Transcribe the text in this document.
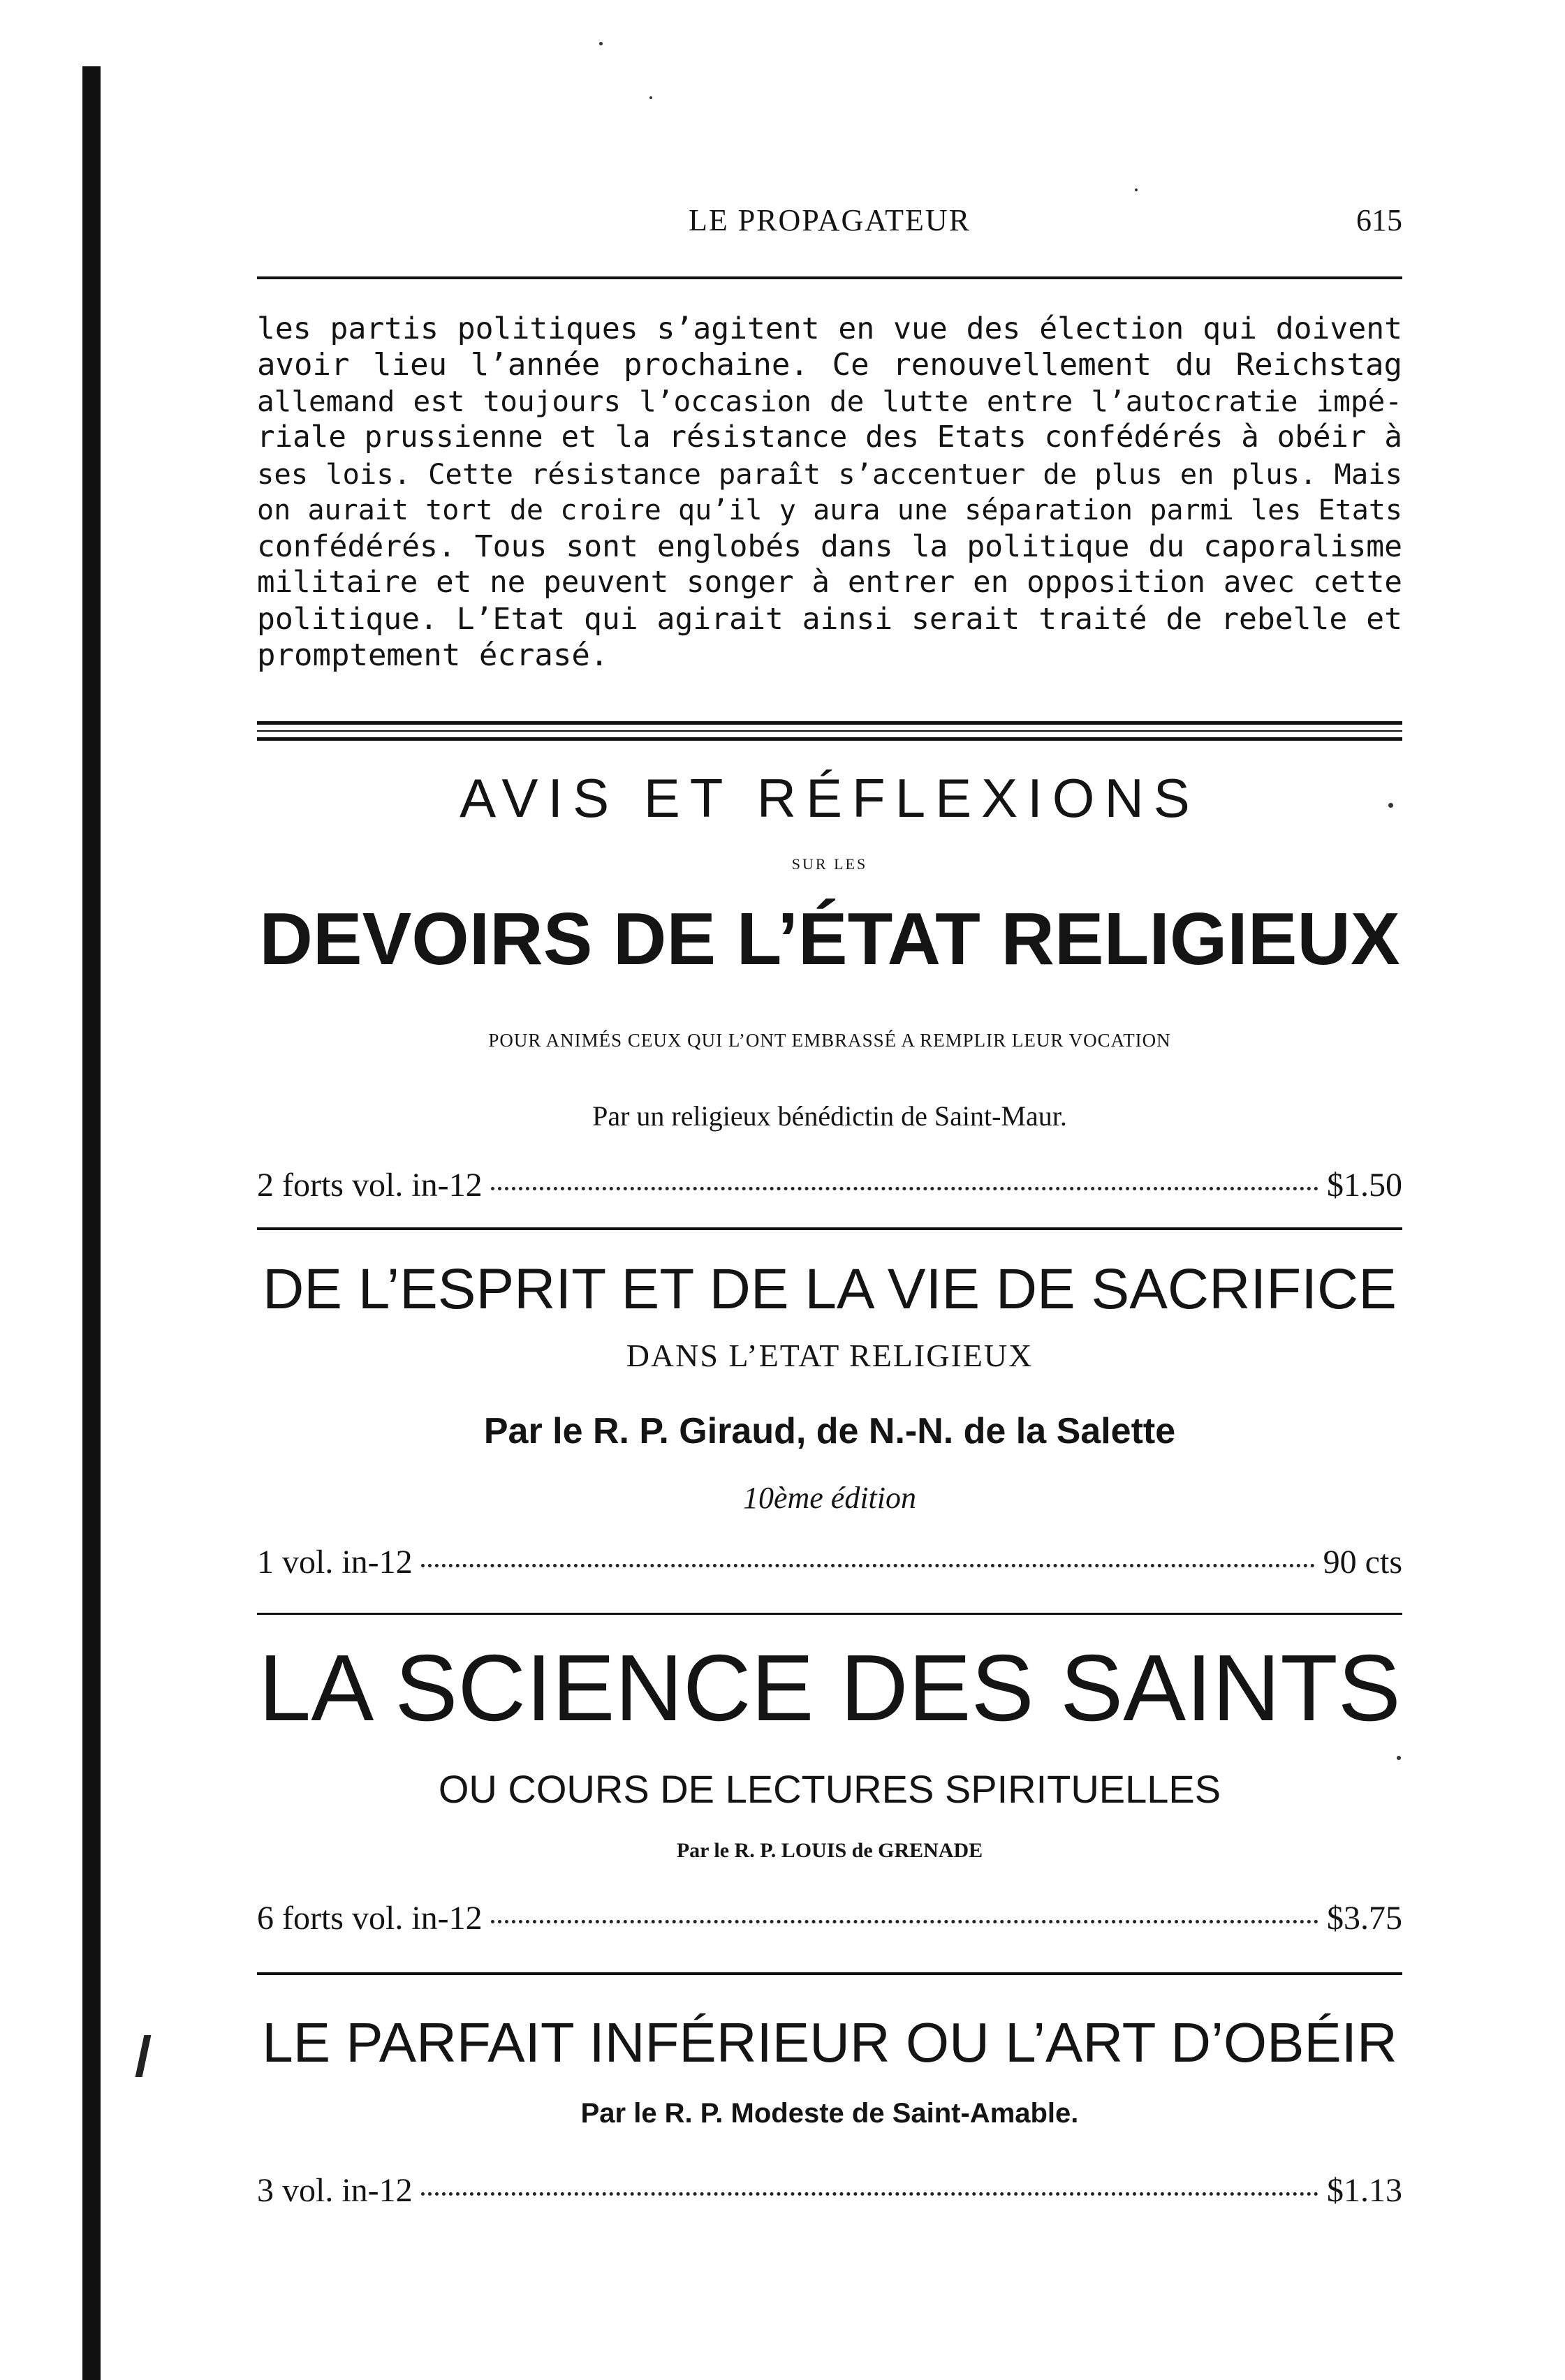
LE PROPAGATEUR	615
les partis politiques s’agitent en vue des élection qui doivent
avoir lieu l’année prochaine. Ce renouvellement du Reichstag
allemand est toujours l’occasion de lutte entre l’autocratie impé-
riale prussienne et la résistance des Etats confédérés à obéir à
ses lois. Cette résistance paraît s’accentuer de plus en plus. Mais
on aurait tort de croire qu’il y aura une séparation parmi les Etats
confédérés. Tous sont englobés dans la politique du caporalisme
militaire et ne peuvent songer à entrer en opposition avec cette
politique. L’Etat qui agirait ainsi serait traité de rebelle et
promptement écrasé.
AVIS ET RÉFLEXIONS
SUR LES
DEVOIRS DE L’ÉTAT RELIGIEUX
POUR ANIMÉS CEUX QUI L’ONT EMBRASSÉ A REMPLIR LEUR VOCATION
Par un religieux bénédictin de Saint-Maur.
2 forts vol. in-12	$1.50
DE L’ESPRIT ET DE LA VIE DE SACRIFICE
DANS L’ETAT RELIGIEUX
Par le R. P. Giraud, de N.-N. de la Salette
10ème édition
1 vol. in-12	90 cts
LA SCIENCE DES SAINTS
OU COURS DE LECTURES SPIRITUELLES
Par le R. P. LOUIS de GRENADE
6 forts vol. in-12	$3.75
LE PARFAIT INFÉRIEUR OU L’ART D’OBÉIR
Par le R. P. Modeste de Saint-Amable.
3 vol. in-12	$1.13
